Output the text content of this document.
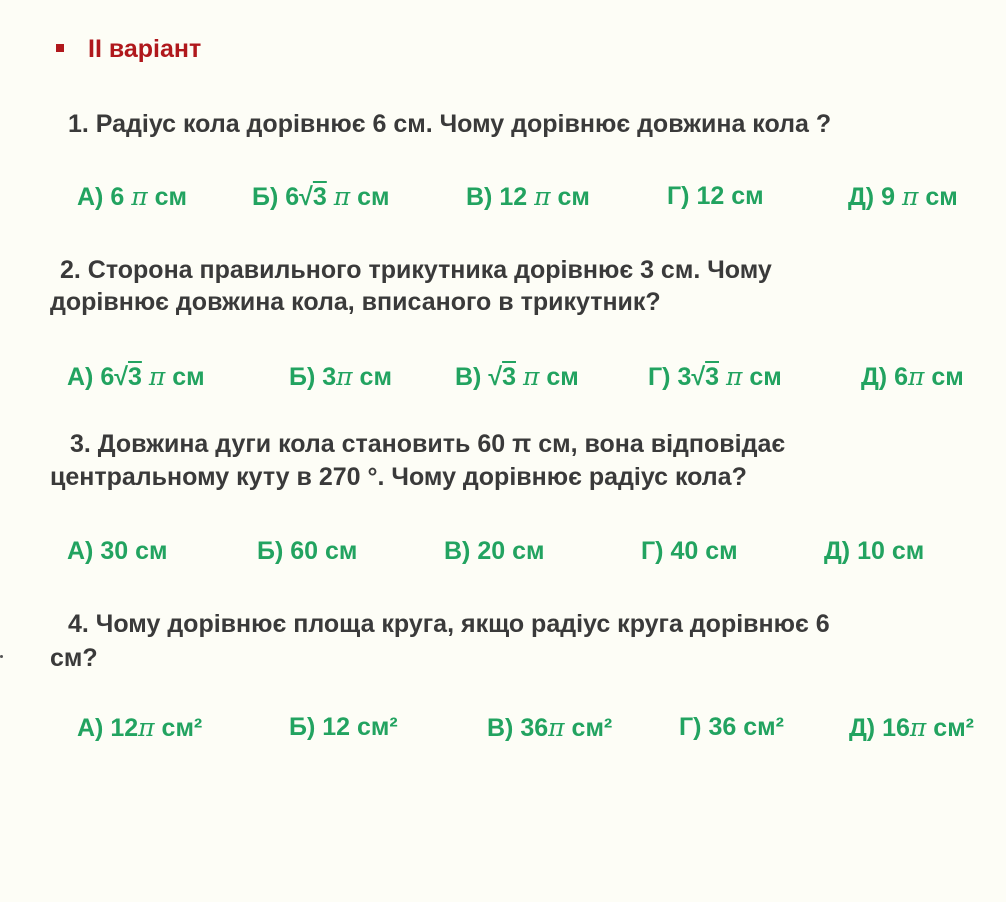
ІІ варіант
1. Радіус кола дорівнює 6 см. Чому дорівнює довжина кола ?
А) 6 π см	Б) 6√3 π см	В) 12 π см	Г) 12 см	Д) 9 π см
2. Сторона правильного трикутника дорівнює 3 см. Чому
дорівнює довжина кола, вписаного в трикутник?
А) 6√3 π см	Б) 3π см	В) √3 π см	Г) 3√3 π см	Д) 6π см
3. Довжина дуги кола становить 60 π см, вона відповідає
центральному куту в 270 °. Чому дорівнює радіус кола?
А) 30 см	Б) 60 см	В) 20 см	Г) 40 см	Д) 10 см
4. Чому дорівнює площа круга, якщо радіус круга дорівнює 6
см?
А) 12π см²	Б) 12 см²	В) 36π см²	Г) 36 см²	Д) 16π см²
